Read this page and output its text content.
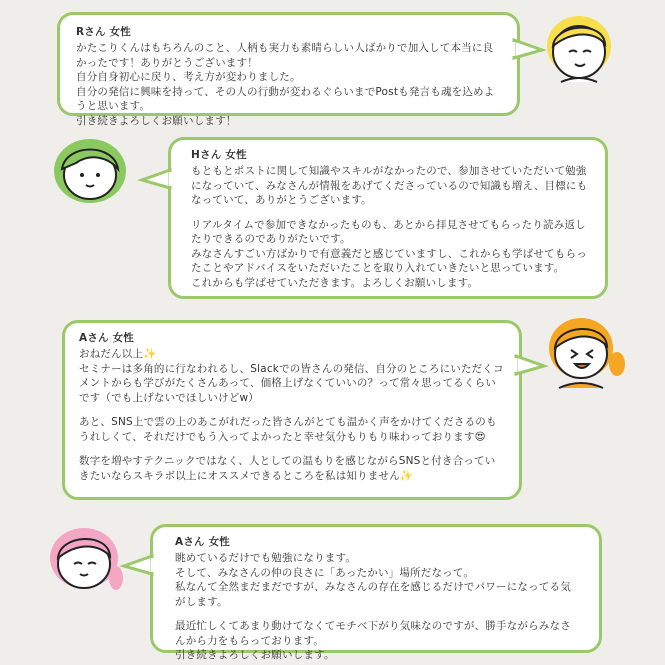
Rさん 女性

かたこりくんはもちろんのこと、人柄も実力も素晴らしい人ばかりで加入して本当に良かったです！ありがとうございます！
自分自身初心に戻り、考え方が変わりました。
自分の発信に興味を持って、その人の行動が変わるぐらいまでPostも発言も魂を込めようと思います。
引き続きよろしくお願いします！

Hさん 女性

もともとポストに関して知識やスキルがなかったので、参加させていただいて勉強になっていて、みなさんが情報をあげてくださっているので知識も増え、目標にもなっていて、ありがとうございます。

リアルタイムで参加できなかったものも、あとから拝見させてもらったり読み返したりできるのでありがたいです。
みなさんすごい方ばかりで有意義だと感じていますし、これからも学ばせてもらったことやアドバイスをいただいたことを取り入れていきたいと思っています。
これからも学ばせていただきます。よろしくお願いします。

Aさん 女性

おねだん以上✨
セミナーは多角的に行なわれるし、Slackでの皆さんの発信、自分のところにいただくコメントからも学びがたくさんあって、価格上げなくていいの？って常々思ってるくらいです（でも上げないでほしいけどw）

あと、SNS上で雲の上のあこがれだった皆さんがとても温かく声をかけてくださるのもうれしくて、それだけでもう入ってよかったと幸せ気分もりもり味わっております😍

数字を増やすテクニックではなく、人としての温もりを感じながらSNSと付き合っていきたいならスキラボ以上にオススメできるところを私は知りません✨

Aさん 女性

眺めているだけでも勉強になります。
そして、みなさんの仲の良さに「あったかい」場所だなって。
私なんて全然まだまだですが、みなさんの存在を感じるだけでパワーになってる気がします。

最近忙しくてあまり動けてなくてモチベ下がり気味なのですが、勝手ながらみなさんから力をもらっております。
引き続きよろしくお願いします。
